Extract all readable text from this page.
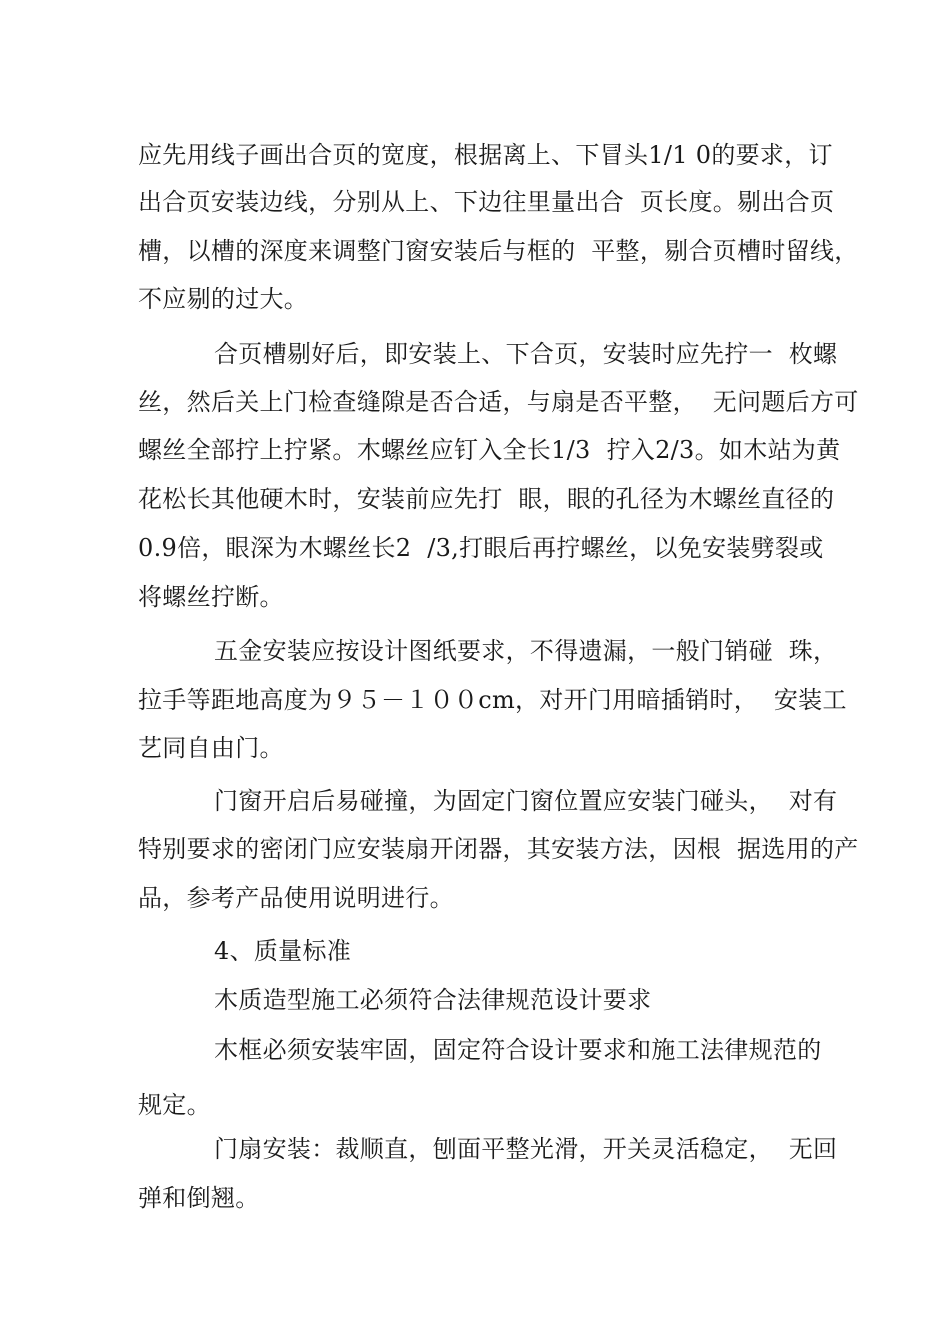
应先用线子画出合页的宽度，根据离上、下冒头1/1 0的要求，订
出合页安装边线，分别从上、下边往里量出合  页长度。剔出合页
槽，以槽的深度来调整门窗安装后与框的  平整，剔合页槽时留线，
不应剔的过大。
合页槽剔好后，即安装上、下合页，安装时应先拧一  枚螺
丝，然后关上门检查缝隙是否合适，与扇是否平整，  无问题后方可
螺丝全部拧上拧紧。木螺丝应钉入全长1/3  拧入2/3。如木站为黄
花松长其他硬木时，安装前应先打  眼，眼的孔径为木螺丝直径的
0.9倍，眼深为木螺丝长2  /3,打眼后再拧螺丝，以免安装劈裂或
将螺丝拧断。
五金安装应按设计图纸要求，不得遗漏，一般门销碰  珠，
拉手等距地高度为９５－１００cm，对开门用暗插销时，  安装工
艺同自由门。
门窗开启后易碰撞，为固定门窗位置应安装门碰头，  对有
特别要求的密闭门应安装扇开闭器，其安装方法，因根  据选用的产
品，参考产品使用说明进行。
4、质量标准
木质造型施工必须符合法律规范设计要求
木框必须安装牢固，固定符合设计要求和施工法律规范的
规定。
门扇安装：裁顺直，刨面平整光滑，开关灵活稳定，  无回
弹和倒翘。
